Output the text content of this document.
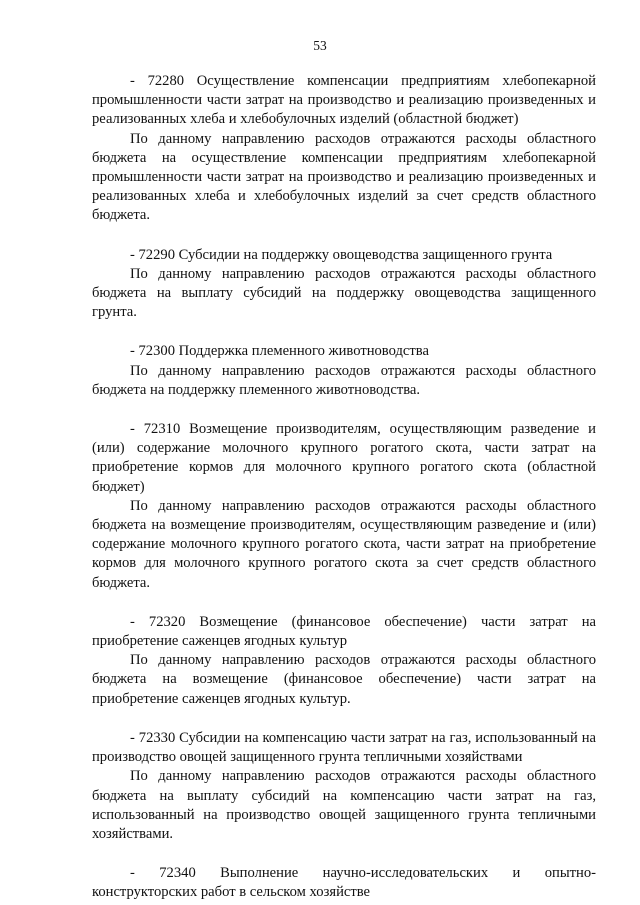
53

- 72280 Осуществление компенсации предприятиям хлебопекарной промышленности части затрат на производство и реализацию произведенных и реализованных хлеба и хлебобулочных изделий (областной бюджет)

По данному направлению расходов отражаются расходы областного бюджета на осуществление компенсации предприятиям хлебопекарной промышленности части затрат на производство и реализацию произведенных и реализованных хлеба и хлебобулочных изделий за счет средств областного бюджета.

- 72290 Субсидии на поддержку овощеводства защищенного грунта

По данному направлению расходов отражаются расходы областного бюджета на выплату субсидий на поддержку овощеводства защищенного грунта.

- 72300 Поддержка племенного животноводства

По данному направлению расходов отражаются расходы областного бюджета на поддержку племенного животноводства.

- 72310 Возмещение производителям, осуществляющим разведение и (или) содержание молочного крупного рогатого скота, части затрат на приобретение кормов для молочного крупного рогатого скота (областной бюджет)

По данному направлению расходов отражаются расходы областного бюджета на возмещение производителям, осуществляющим разведение и (или) содержание молочного крупного рогатого скота, части затрат на приобретение кормов для молочного крупного рогатого скота за счет средств областного бюджета.

- 72320 Возмещение (финансовое обеспечение) части затрат на приобретение саженцев ягодных культур

По данному направлению расходов отражаются расходы областного бюджета на возмещение (финансовое обеспечение) части затрат на приобретение саженцев ягодных культур.

- 72330 Субсидии на компенсацию части затрат на газ, использованный на производство овощей защищенного грунта тепличными хозяйствами

По данному направлению расходов отражаются расходы областного бюджета на выплату субсидий на компенсацию части затрат на газ, использованный на производство овощей защищенного грунта тепличными хозяйствами.

- 72340 Выполнение научно-исследовательских и опытно-

конструкторских работ в сельском хозяйстве
